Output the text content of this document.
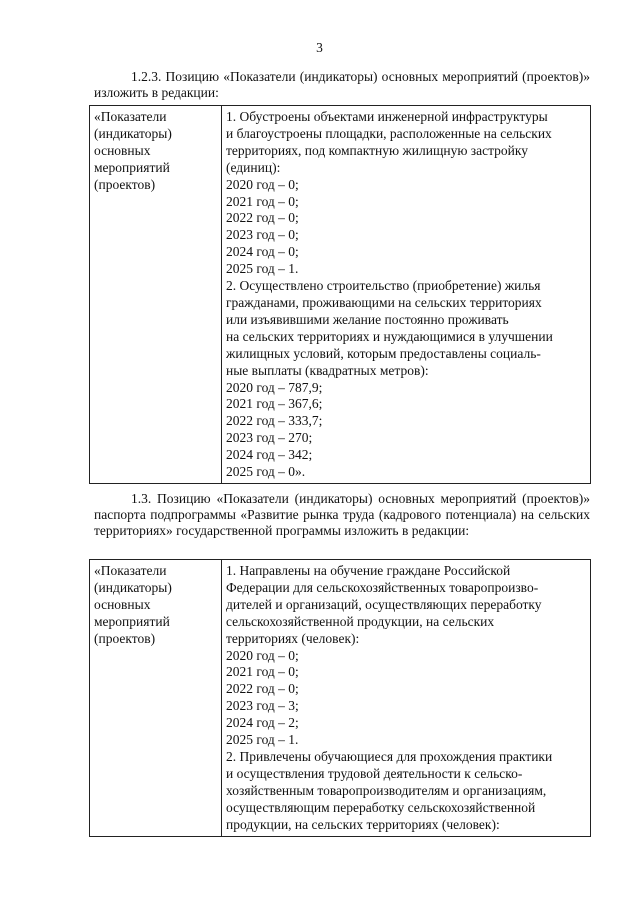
3

1.2.3. Позицию «Показатели (индикаторы) основных мероприятий (проектов)» изложить в редакции:

«Показатели
(индикаторы)
основных
мероприятий
(проектов)

1. Обустроены объектами инженерной инфраструктуры
и благоустроены площадки, расположенные на сельских
территориях, под компактную жилищную застройку
(единиц):
2020 год – 0;
2021 год – 0;
2022 год – 0;
2023 год – 0;
2024 год – 0;
2025 год – 1.
2. Осуществлено строительство (приобретение) жилья
гражданами, проживающими на сельских территориях
или изъявившими желание постоянно проживать
на сельских территориях и нуждающимися в улучшении
жилищных условий, которым предоставлены социаль-
ные выплаты (квадратных метров):
2020 год – 787,9;
2021 год – 367,6;
2022 год – 333,7;
2023 год – 270;
2024 год – 342;
2025 год – 0».

1.3. Позицию «Показатели (индикаторы) основных мероприятий (проектов)» паспорта подпрограммы «Развитие рынка труда (кадрового потенциала) на сельских территориях» государственной программы изложить в редакции:

«Показатели
(индикаторы)
основных
мероприятий
(проектов)

1. Направлены на обучение граждане Российской
Федерации для сельскохозяйственных товаропроизво-
дителей и организаций, осуществляющих переработку
сельскохозяйственной продукции, на сельских
территориях (человек):
2020 год – 0;
2021 год – 0;
2022 год – 0;
2023 год – 3;
2024 год – 2;
2025 год – 1.
2. Привлечены обучающиеся для прохождения практики
и осуществления трудовой деятельности к сельско-
хозяйственным товаропроизводителям и организациям,
осуществляющим переработку сельскохозяйственной
продукции, на сельских территориях (человек):
